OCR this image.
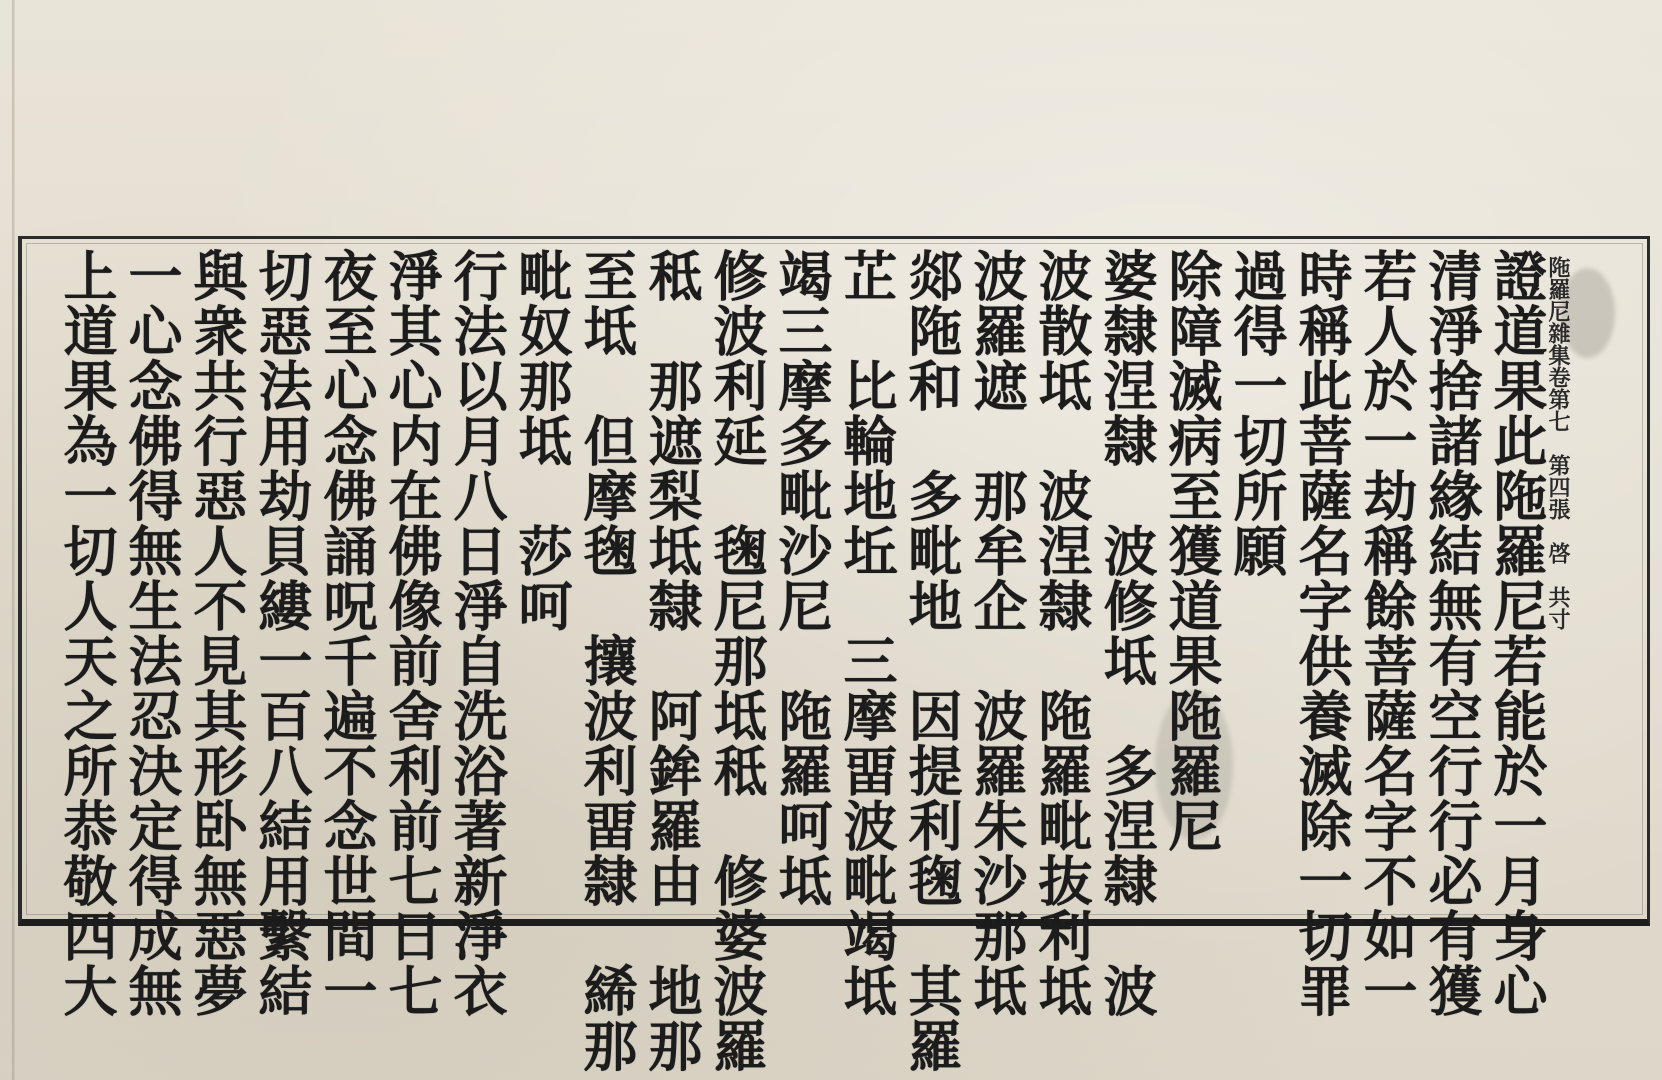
陁羅尼雜集卷第七　第四張　啓　共寸
證道果此陁羅尼若能於一月身心
清淨捨諸緣結無有空行行必有獲
若人於一劫稱餘菩薩名字不如一
時稱此菩薩名字供養滅除一切罪
過得一切所願
除障滅病至獲道果陁羅尼
婆隸涅隸　波修坻　多涅隸　波
波散坻　波涅隸　陁羅毗抜利坻
波羅遮　那牟企　波羅朱沙那坻
郯陁和　多毗地　因提利毱　其羅
芷　比輪地坵　三摩畱波毗竭坻
竭三摩多毗沙尼　陁羅呵坻
修波利延　毱尼那坻秪　修婆波羅
秪　那遮梨坻隸　阿鉾羅由　地那
至坻　但摩毱　攘波利畱隸　絺那
毗奴那坻　莎呵
行法以月八日淨自洗浴著新淨衣
淨其心内在佛像前舍利前七日七
夜至心念佛誦呪千遍不念世間一
切惡法用劫貝縷一百八結用繫結
與衆共行惡人不見其形卧無惡夢
一心念佛得無生法忍決定得成無
上道果為一切人天之所恭敬四大
